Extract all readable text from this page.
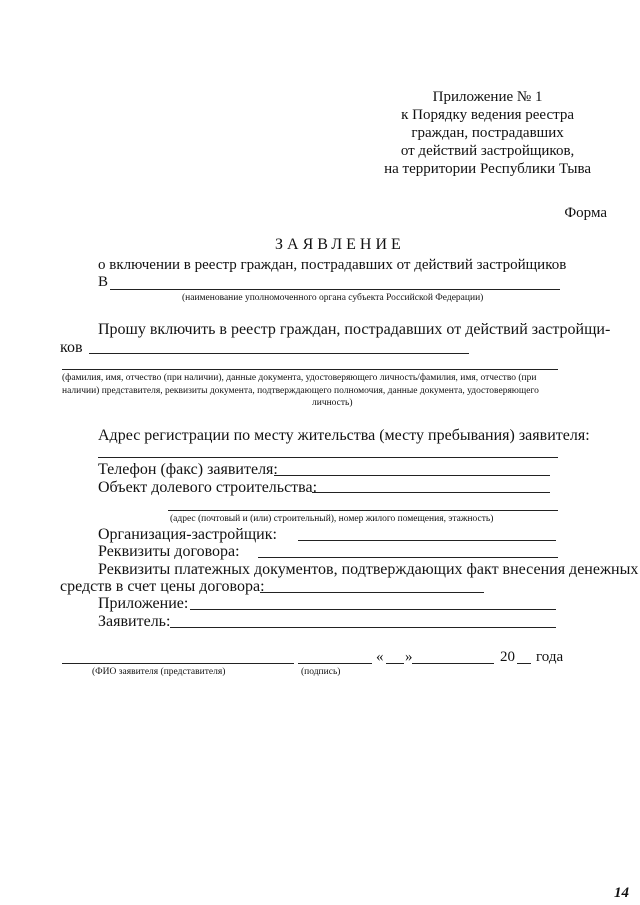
Приложение № 1
к Порядку ведения реестра
граждан, пострадавших
от действий застройщиков,
на территории Республики Тыва
Форма
ЗАЯВЛЕНИЕ
о включении в реестр граждан, пострадавших от действий застройщиков
В
(наименование уполномоченного органа субъекта Российской Федерации)
Прошу включить в реестр граждан, пострадавших от действий застройщи-
ков
(фамилия, имя, отчество (при наличии), данные документа, удостоверяющего личность/фамилия, имя, отчество (при
наличии) представителя, реквизиты документа, подтверждающего полномочия, данные документа, удостоверяющего
личность)
Адрес регистрации по месту жительства (месту пребывания) заявителя:
Телефон (факс) заявителя:
Объект долевого строительства:
(адрес (почтовый и (или) строительный), номер жилого помещения, этажность)
Организация-застройщик:
Реквизиты договора:
Реквизиты платежных документов, подтверждающих факт внесения денежных
средств в счет цены договора:
Приложение:
Заявитель:
« »	20 года
(ФИО заявителя (представителя)	(подпись)
14
